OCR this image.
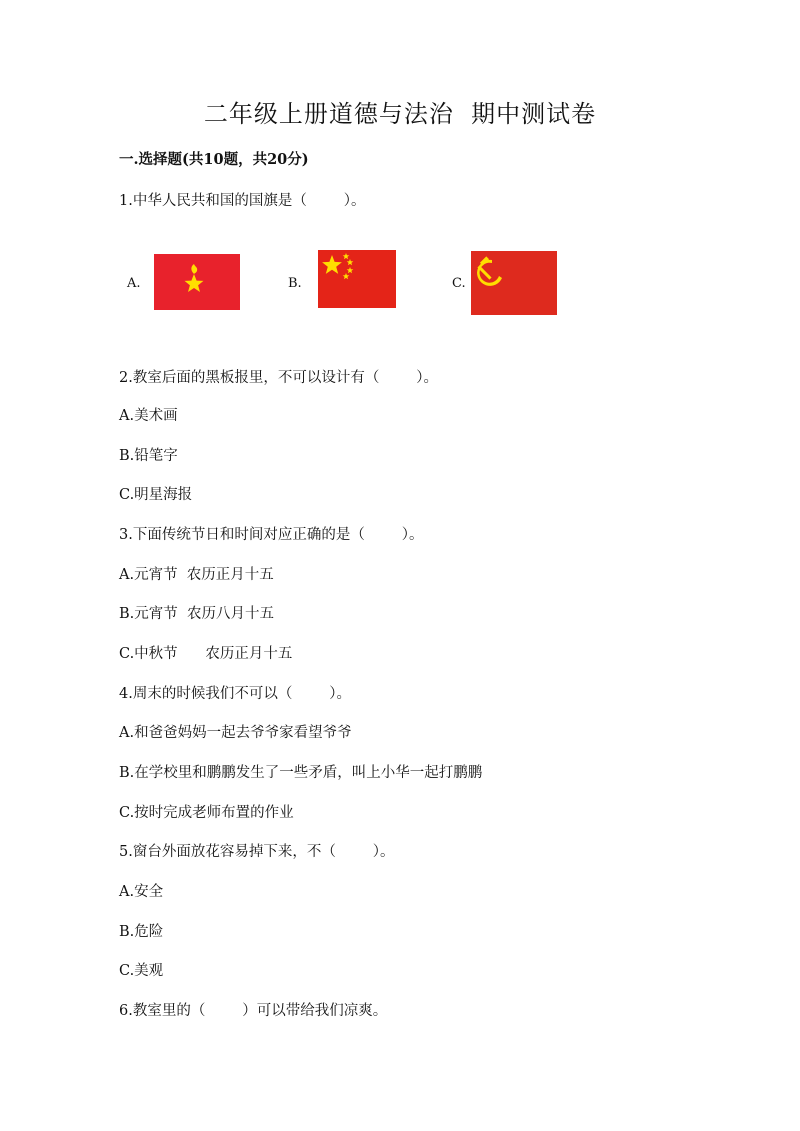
二年级上册道德与法治  期中测试卷
一.选择题(共10题，共20分)
1.中华人民共和国的国旗是（        ）。
A.	B.	C.
2.教室后面的黑板报里，不可以设计有（        ）。
A.美术画
B.铅笔字
C.明星海报
3.下面传统节日和时间对应正确的是（        ）。
A.元宵节  农历正月十五
B.元宵节  农历八月十五
C.中秋节      农历正月十五
4.周末的时候我们不可以（        ）。
A.和爸爸妈妈一起去爷爷家看望爷爷
B.在学校里和鹏鹏发生了一些矛盾，叫上小华一起打鹏鹏
C.按时完成老师布置的作业
5.窗台外面放花容易掉下来，不（        ）。
A.安全
B.危险
C.美观
6.教室里的（        ）可以带给我们凉爽。
